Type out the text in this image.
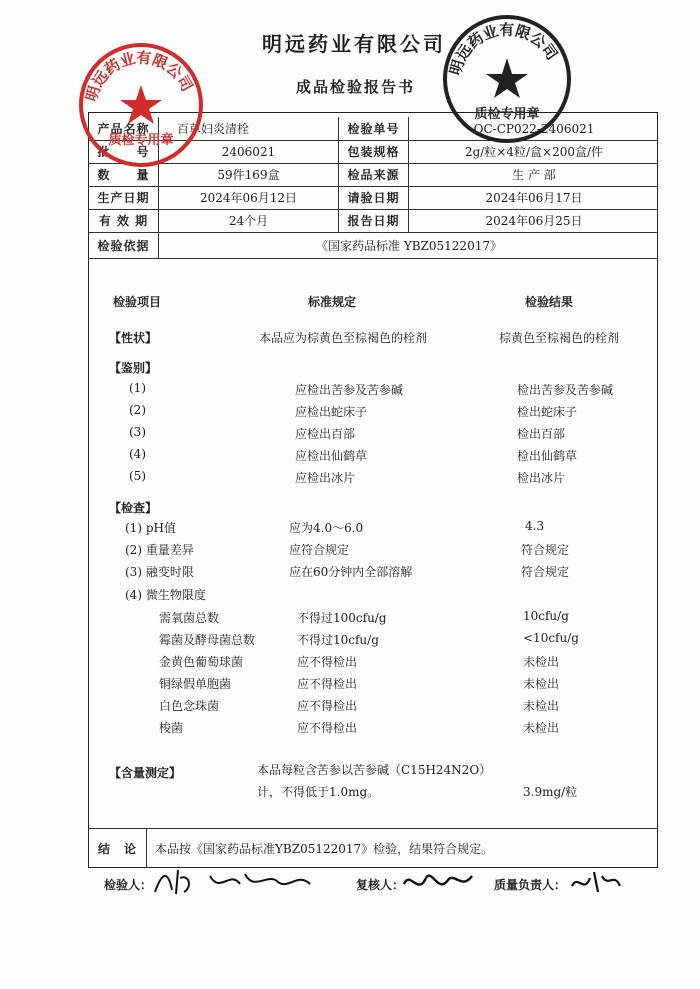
明远药业有限公司
成品检验报告书
产品名称	百草妇炎清栓	检验单号	QC-CP022-2406021
批　　号	2406021	包装规格	2g/粒×4粒/盒×200盒/件
数　　量	59件169盒	检品来源	生 产 部
生产日期	2024年06月12日	请验日期	2024年06月17日
有 效 期	24个月	报告日期	2024年06月25日
检验依据	《国家药品标准 YBZ05122017》
检验项目	标准规定	检验结果
【性状】	本品应为棕黄色至棕褐色的栓剂	棕黄色至棕褐色的栓剂
【鉴别】
(1)	应检出苦参及苦参碱	检出苦参及苦参碱
(2)	应检出蛇床子	检出蛇床子
(3)	应检出百部	检出百部
(4)	应检出仙鹤草	检出仙鹤草
(5)	应检出冰片	检出冰片
【检查】
(1) pH值	应为4.0～6.0	4.3
(2) 重量差异	应符合规定	符合规定
(3) 融变时限	应在60分钟内全部溶解	符合规定
(4) 微生物限度
需氧菌总数	不得过100cfu/g	10cfu/g
霉菌及酵母菌总数	不得过10cfu/g	<10cfu/g
金黄色葡萄球菌	应不得检出	未检出
铜绿假单胞菌	应不得检出	未检出
白色念珠菌	应不得检出	未检出
梭菌	应不得检出	未检出
【含量测定】	本品每粒含苦参以苦参碱（C15H24N2O）
计，不得低于1.0mg。	3.9mg/粒
结　论	本品按《国家药品标准YBZ05122017》检验，结果符合规定。
检验人：	复核人：	质量负责人：
明远药业有限公司
质检专用章
明远药业有限公司
质检专用章
